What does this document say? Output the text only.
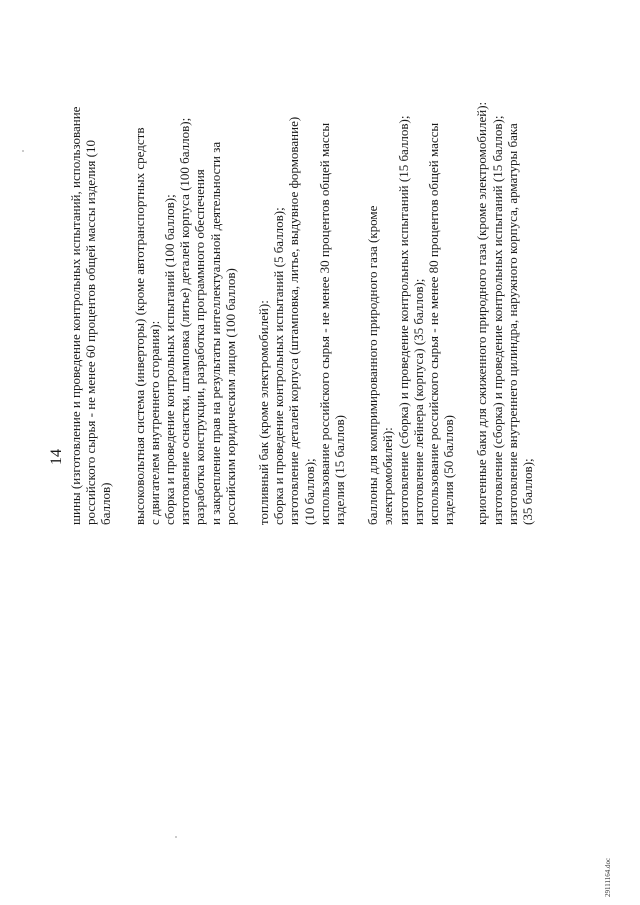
14 шины (изготовление и проведение контрольных испытаний, использование российского сырья - не менее 60 процентов общей массы изделия (10 баллов) высоковольтная система (инверторы) (кроме автотранспортных средств с двигателем внутреннего сгорания): сборка и проведение контрольных испытаний (100 баллов); изготовление оснастки, штамповка (литье) деталей корпуса (100 баллов); разработка конструкции, разработка программного обеспечения и закрепление прав на результаты интеллектуальной деятельности за российским юридическим лицом (100 баллов) топливный бак (кроме электромобилей): сборка и проведение контрольных испытаний (5 баллов); изготовление деталей корпуса (штамповка, литье, выдувное формование) (10 баллов); использование российского сырья - не менее 30 процентов общей массы изделия (15 баллов) баллоны для компримированного природного газа (кроме электромобилей): изготовление (сборка) и проведение контрольных испытаний (15 баллов); изготовление лейнера (корпуса) (35 баллов); использование российского сырья - не менее 80 процентов общей массы изделия (50 баллов) криогенные баки для сжиженного природного газа (кроме электромобилей): изготовление (сборка) и проведение контрольных испытаний (15 баллов); изготовление внутреннего цилиндра, наружного корпуса, арматуры бака (35 баллов);
29111164.doc
